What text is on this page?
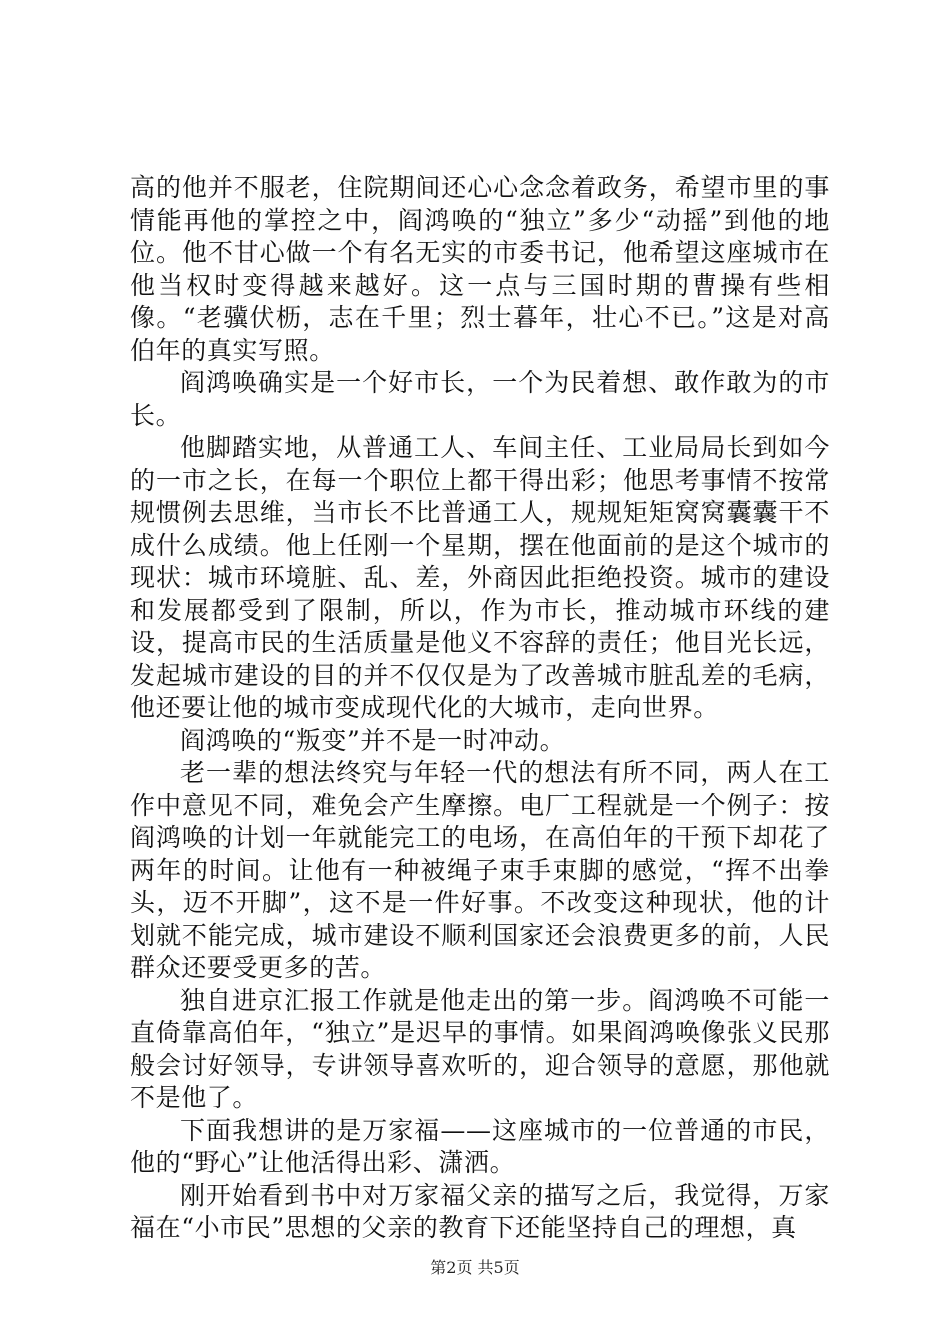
高的他并不服老，住院期间还心心念念着政务，希望市里的事情能再他的掌控之中，阎鸿唤的“独立”多少“动摇”到他的地位。他不甘心做一个有名无实的市委书记，他希望这座城市在他当权时变得越来越好。这一点与三国时期的曹操有些相像。“老骥伏枥，志在千里；烈士暮年，壮心不已。”这是对高伯年的真实写照。

阎鸿唤确实是一个好市长，一个为民着想、敢作敢为的市长。

他脚踏实地，从普通工人、车间主任、工业局局长到如今的一市之长，在每一个职位上都干得出彩；他思考事情不按常规惯例去思维，当市长不比普通工人，规规矩矩窝窝囊囊干不成什么成绩。他上任刚一个星期，摆在他面前的是这个城市的现状：城市环境脏、乱、差，外商因此拒绝投资。城市的建设和发展都受到了限制，所以，作为市长，推动城市环线的建设，提高市民的生活质量是他义不容辞的责任；他目光长远，发起城市建设的目的并不仅仅是为了改善城市脏乱差的毛病，他还要让他的城市变成现代化的大城市，走向世界。

阎鸿唤的“叛变”并不是一时冲动。

老一辈的想法终究与年轻一代的想法有所不同，两人在工作中意见不同，难免会产生摩擦。电厂工程就是一个例子：按阎鸿唤的计划一年就能完工的电场，在高伯年的干预下却花了两年的时间。让他有一种被绳子束手束脚的感觉，“挥不出拳头，迈不开脚”，这不是一件好事。不改变这种现状，他的计划就不能完成，城市建设不顺利国家还会浪费更多的前，人民群众还要受更多的苦。

独自进京汇报工作就是他走出的第一步。阎鸿唤不可能一直倚靠高伯年，“独立”是迟早的事情。如果阎鸿唤像张义民那般会讨好领导，专讲领导喜欢听的，迎合领导的意愿，那他就不是他了。

下面我想讲的是万家福——这座城市的一位普通的市民，他的“野心”让他活得出彩、潇洒。

刚开始看到书中对万家福父亲的描写之后，我觉得，万家福在“小市民”思想的父亲的教育下还能坚持自己的理想，真

第2页 共5页
